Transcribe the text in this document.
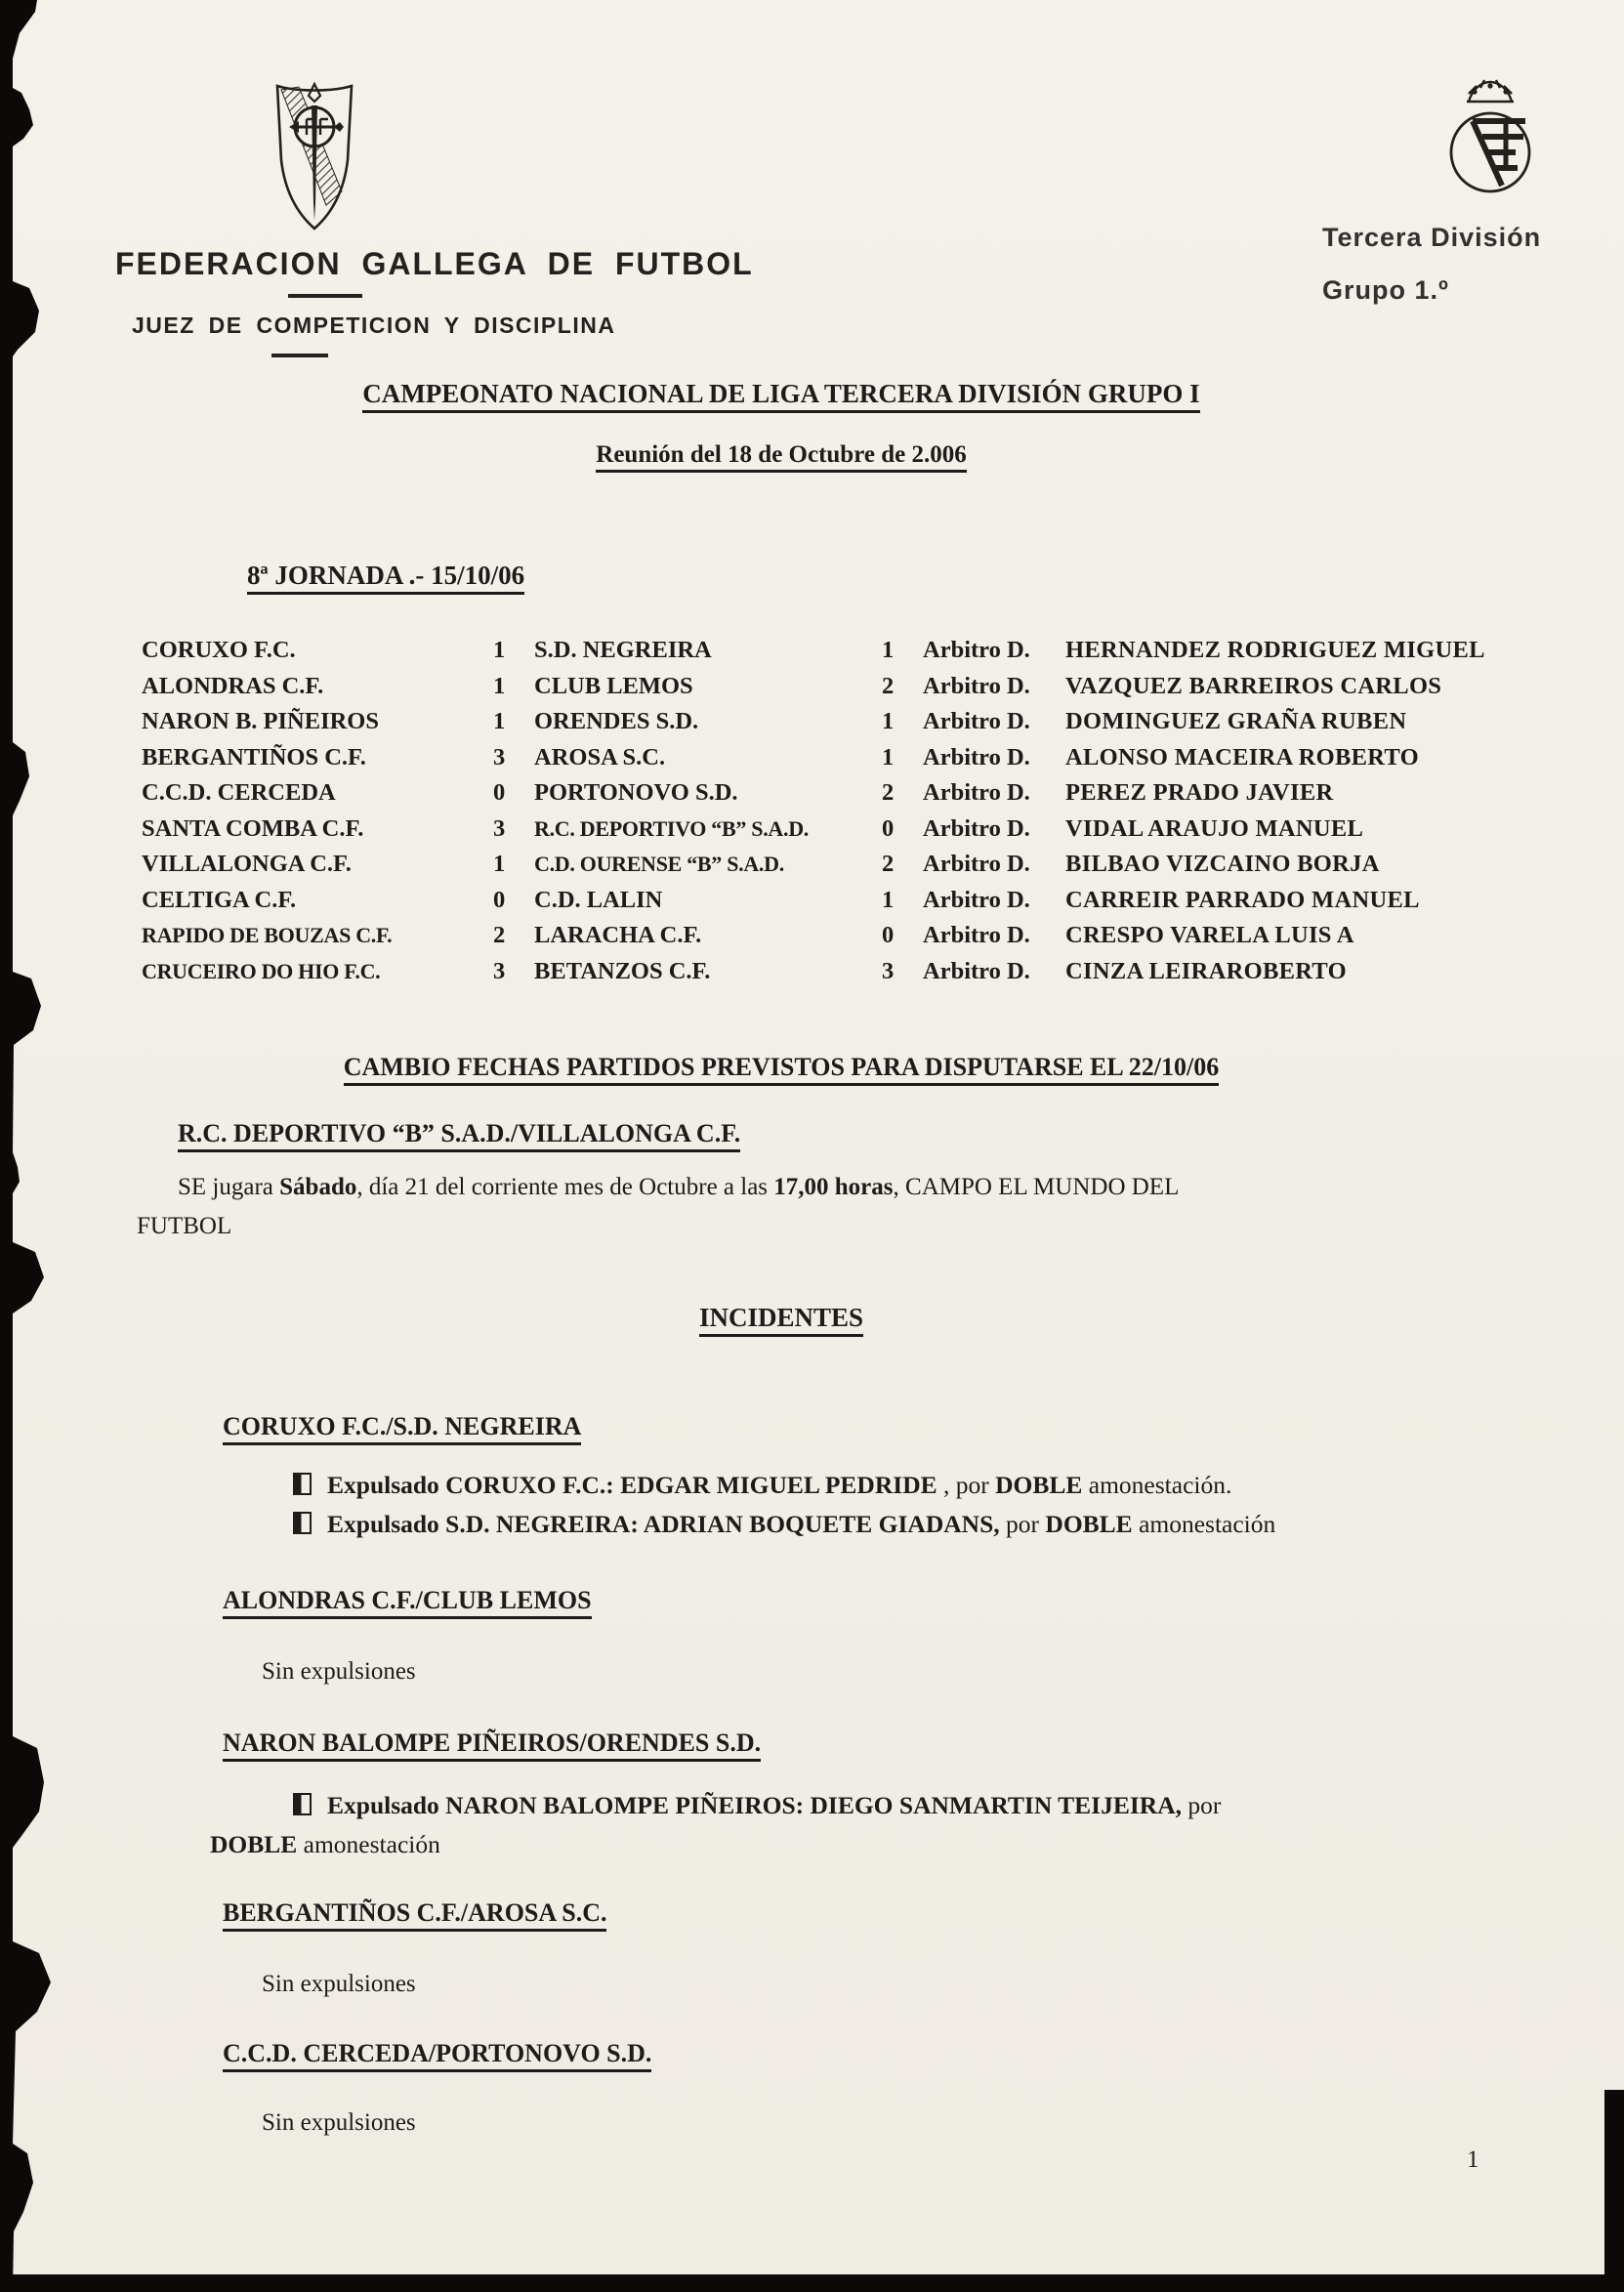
FEDERACION GALLEGA DE FUTBOL
JUEZ DE COMPETICION Y DISCIPLINA
Tercera División
Grupo 1.º
CAMPEONATO NACIONAL DE LIGA TERCERA DIVISIÓN GRUPO I
Reunión del 18 de Octubre de 2.006
8ª JORNADA .- 15/10/06
CORUXO F.C.	1	S.D. NEGREIRA	1	Arbitro D.	HERNANDEZ RODRIGUEZ MIGUEL
ALONDRAS C.F.	1	CLUB LEMOS	2	Arbitro D.	VAZQUEZ BARREIROS CARLOS
NARON B. PIÑEIROS	1	ORENDES S.D.	1	Arbitro D.	DOMINGUEZ GRAÑA RUBEN
BERGANTIÑOS C.F.	3	AROSA S.C.	1	Arbitro D.	ALONSO MACEIRA ROBERTO
C.C.D. CERCEDA	0	PORTONOVO S.D.	2	Arbitro D.	PEREZ PRADO JAVIER
SANTA COMBA C.F.	3	R.C. DEPORTIVO “B” S.A.D.	0	Arbitro D.	VIDAL ARAUJO MANUEL
VILLALONGA C.F.	1	C.D. OURENSE “B” S.A.D.	2	Arbitro D.	BILBAO VIZCAINO BORJA
CELTIGA C.F.	0	C.D. LALIN	1	Arbitro D.	CARREIR PARRADO MANUEL
RAPIDO DE BOUZAS C.F.	2	LARACHA C.F.	0	Arbitro D.	CRESPO VARELA LUIS A
CRUCEIRO DO HIO F.C.	3	BETANZOS C.F.	3	Arbitro D.	CINZA LEIRAROBERTO
CAMBIO FECHAS PARTIDOS PREVISTOS PARA DISPUTARSE EL 22/10/06
R.C. DEPORTIVO “B” S.A.D./VILLALONGA C.F.
SE jugara Sábado, día 21 del corriente mes de Octubre a las 17,00 horas, CAMPO EL MUNDO DEL
FUTBOL
INCIDENTES
CORUXO F.C./S.D. NEGREIRA
Expulsado CORUXO F.C.: EDGAR MIGUEL PEDRIDE , por DOBLE amonestación.
Expulsado S.D. NEGREIRA: ADRIAN BOQUETE GIADANS, por DOBLE amonestación
ALONDRAS C.F./CLUB LEMOS
Sin expulsiones
NARON BALOMPE PIÑEIROS/ORENDES S.D.
Expulsado NARON BALOMPE PIÑEIROS: DIEGO SANMARTIN TEIJEIRA, por
DOBLE amonestación
BERGANTIÑOS C.F./AROSA S.C.
Sin expulsiones
C.C.D. CERCEDA/PORTONOVO S.D.
Sin expulsiones
1
